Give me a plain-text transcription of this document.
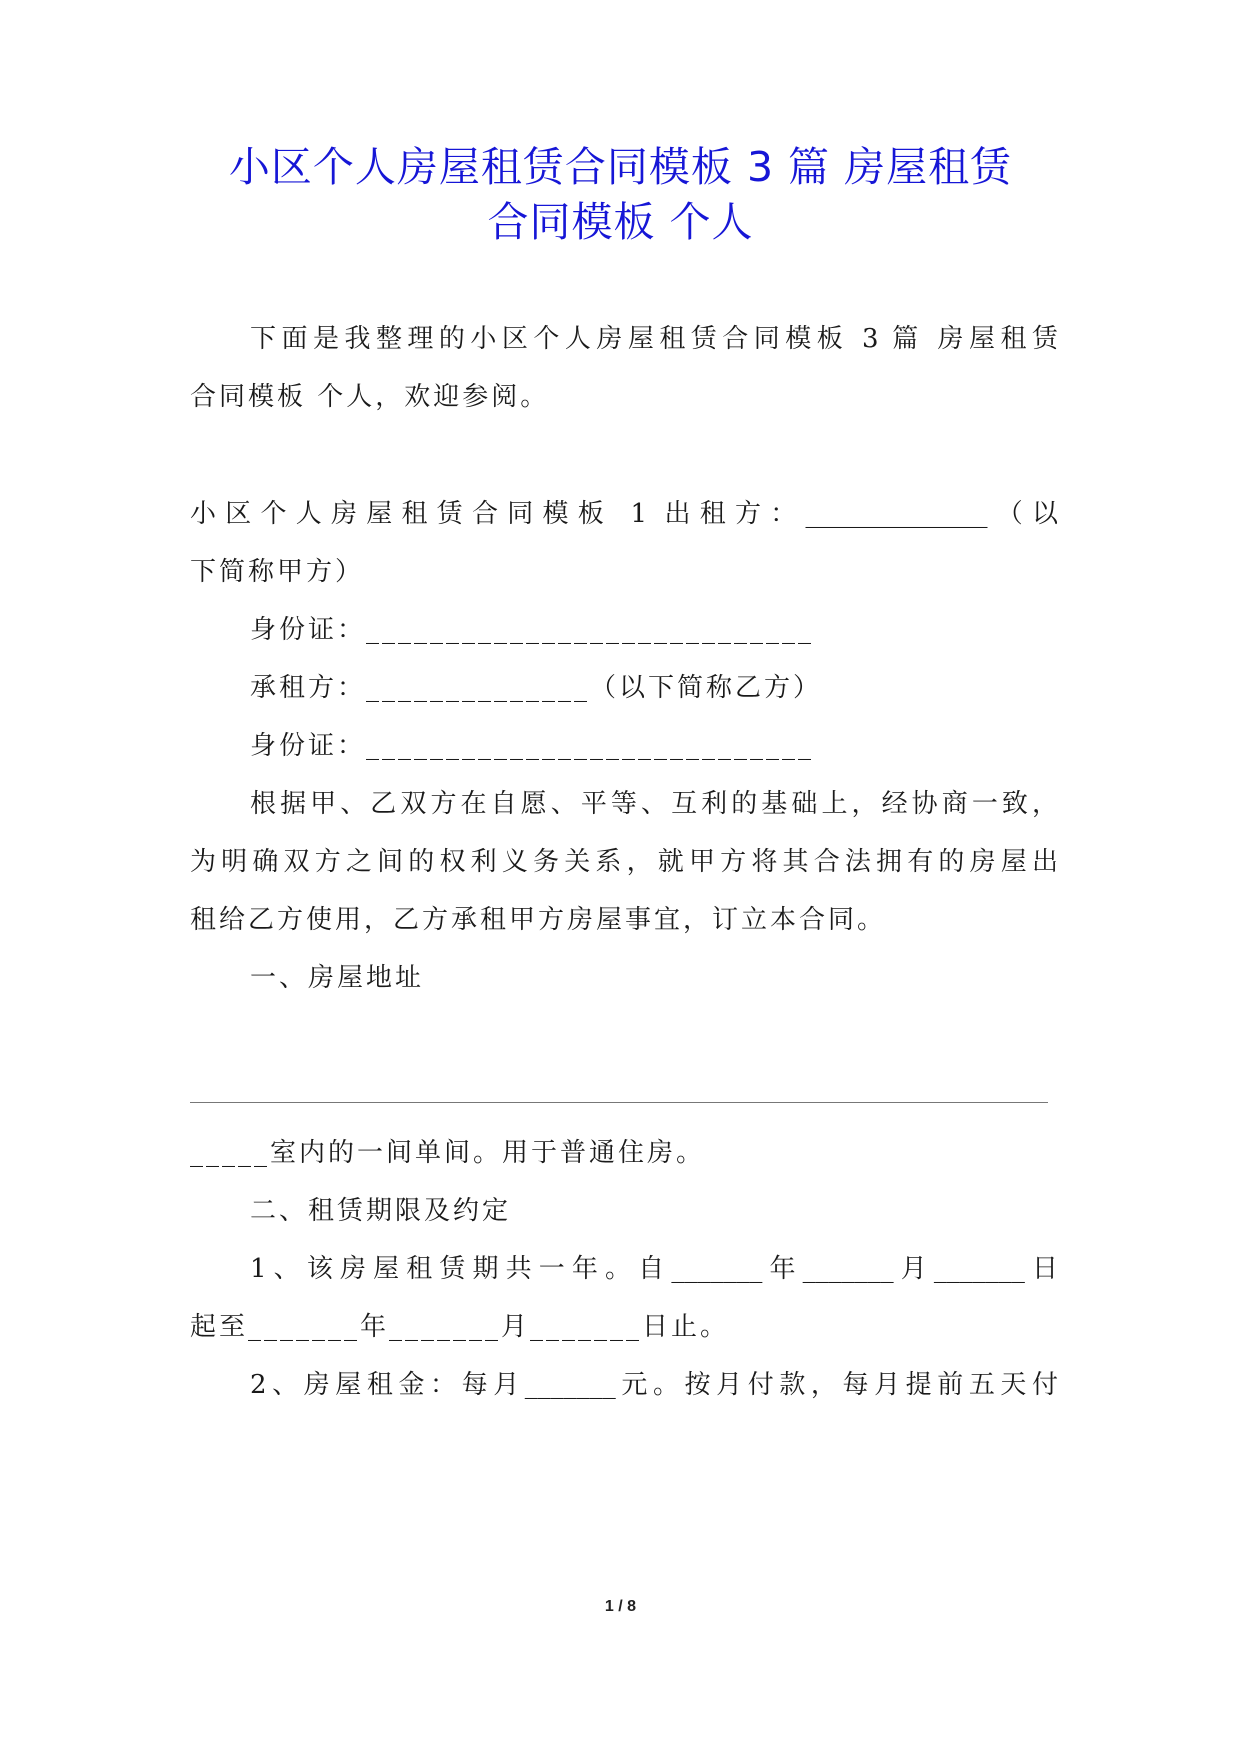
小区个人房屋租赁合同模板 3 篇 房屋租赁
合同模板 个人
下面是我整理的小区个人房屋租赁合同模板 3 篇 房屋租赁
合同模板 个人，欢迎参阅。
小区个人房屋租赁合同模板 1 出租方：______________（以
下简称甲方）
身份证：____________________________
承租方：______________（以下简称乙方）
身份证：____________________________
根据甲、乙双方在自愿、平等、互利的基础上，经协商一致，
为明确双方之间的权利义务关系，就甲方将其合法拥有的房屋出
租给乙方使用，乙方承租甲方房屋事宜，订立本合同。
一、房屋地址
_____室内的一间单间。用于普通住房。
二、租赁期限及约定
1、该房屋租赁期共一年。自_______年_______月_______日
起至_______年_______月_______日止。
2、房屋租金：每月_______元。按月付款，每月提前五天付
1 / 8
